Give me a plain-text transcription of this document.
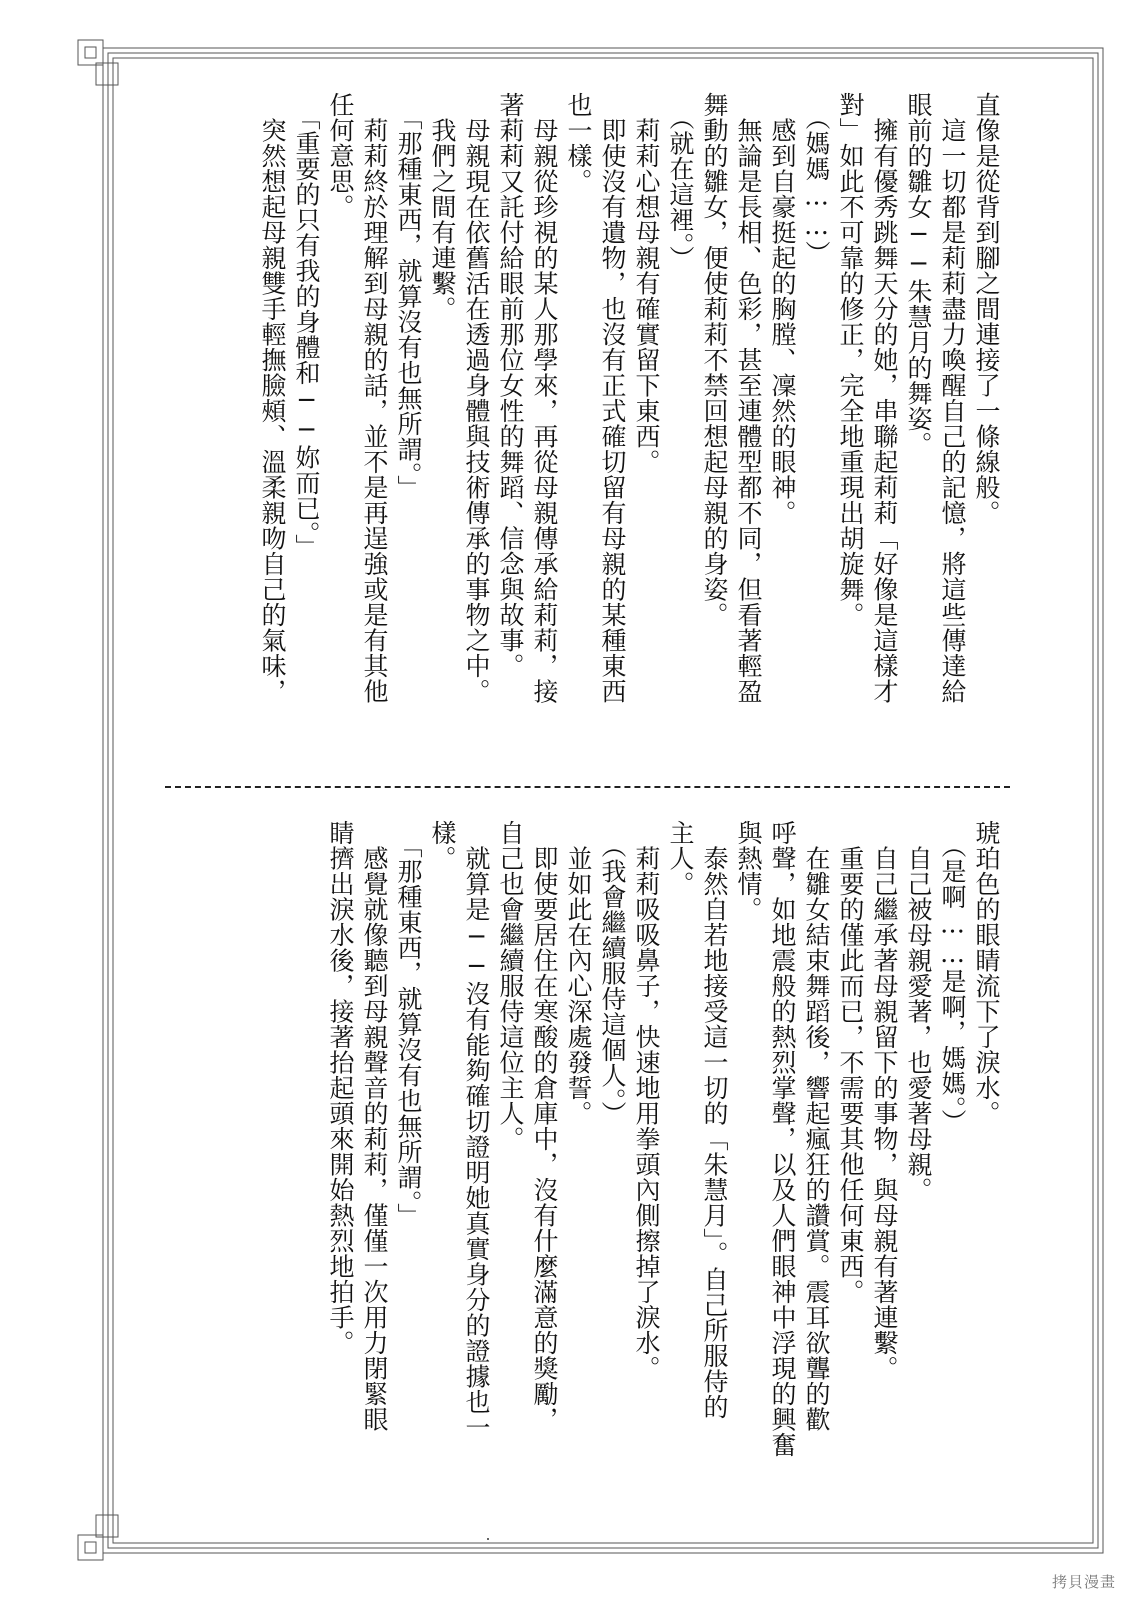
直像是從背到腳之間連接了一條線般。

　這一切都是莉莉盡力喚醒自己的記憶，將這些傳達給

眼前的雛女──朱慧月的舞姿。

　擁有優秀跳舞天分的她，串聯起莉莉「好像是這樣才

對」如此不可靠的修正，完全地重現出胡旋舞。

　（媽媽……）

　感到自豪挺起的胸膛、凜然的眼神。

　無論是長相、色彩，甚至連體型都不同，但看著輕盈

舞動的雛女，便使莉莉不禁回想起母親的身姿。

　（就在這裡。）

　莉莉心想母親有確實留下東西。

　即使沒有遺物，也沒有正式確切留有母親的某種東西

也一樣。

　母親從珍視的某人那學來，再從母親傳承給莉莉，接

著莉莉又託付給眼前那位女性的舞蹈、信念與故事。

　母親現在依舊活在透過身體與技術傳承的事物之中。

　我們之間有連繫。

　「那種東西，就算沒有也無所謂。」

　莉莉終於理解到母親的話，並不是再逞強或是有其他

任何意思。

　「重要的只有我的身體和──妳而已。」

　突然想起母親雙手輕撫臉頰、溫柔親吻自己的氣味，

琥珀色的眼睛流下了淚水。

　（是啊……是啊，媽媽。）

　自己被母親愛著，也愛著母親。

　自己繼承著母親留下的事物，與母親有著連繫。

　重要的僅此而已，不需要其他任何東西。

　在雛女結束舞蹈後，響起瘋狂的讚賞。震耳欲聾的歡

呼聲，如地震般的熱烈掌聲，以及人們眼神中浮現的興奮

與熱情。

　泰然自若地接受這一切的「朱慧月」。自己所服侍的

主人。

　莉莉吸吸鼻子，快速地用拳頭內側擦掉了淚水。

　（我會繼續服侍這個人。）

　並如此在內心深處發誓。

　即使要居住在寒酸的倉庫中，沒有什麼滿意的獎勵，

自己也會繼續服侍這位主人。

　就算是──沒有能夠確切證明她真實身分的證據也一

樣。

　「那種東西，就算沒有也無所謂。」

　感覺就像聽到母親聲音的莉莉，僅僅一次用力閉緊眼

睛擠出淚水後，接著抬起頭來開始熱烈地拍手。

拷貝漫畫
